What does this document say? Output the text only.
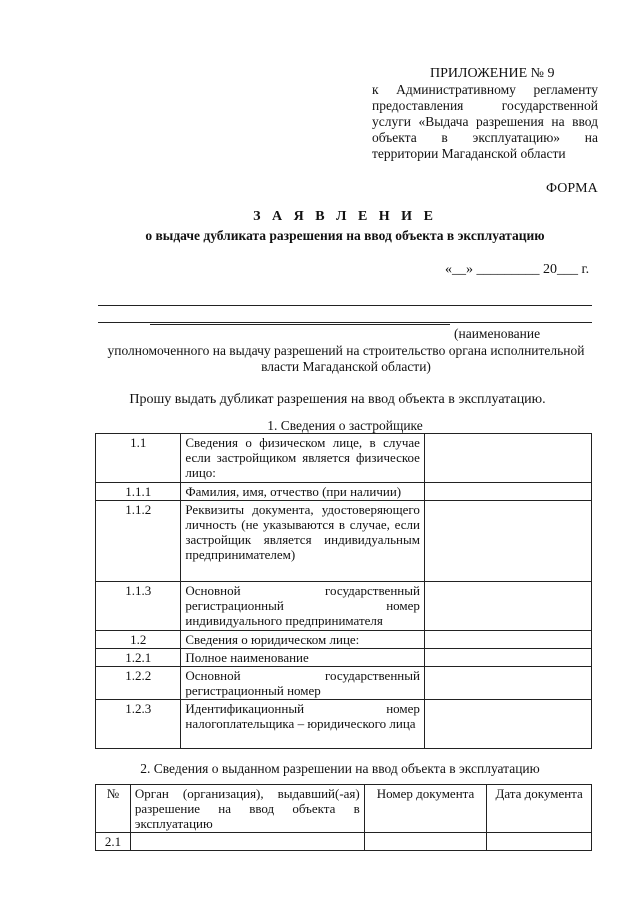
ПРИЛОЖЕНИЕ № 9
к Административному регламенту
предоставления государственной
услуги «Выдача разрешения на ввод
объекта в эксплуатацию» на
территории Магаданской области
ФОРМА
З А Я В Л Е Н И Е
о выдаче дубликата разрешения на ввод объекта в эксплуатацию
«__» _________ 20___ г.
(наименование
уполномоченного на выдачу разрешений на строительство органа исполнительной власти Магаданской области)
Прошу выдать дубликат разрешения на ввод объекта в эксплуатацию.
1. Сведения о застройщике
1.1	Сведения о физическом лице, в случае если застройщиком является физическое лицо:	
1.1.1	Фамилия, имя, отчество (при наличии)	
1.1.2	Реквизиты документа, удостоверяющего личность (не указываются в случае, если застройщик является индивидуальным предпринимателем)	
1.1.3	Основной государственный регистрационный номер индивидуального предпринимателя	
1.2	Сведения о юридическом лице:	
1.2.1	Полное наименование	
1.2.2	Основной государственный регистрационный номер	
1.2.3	Идентификационный номер налогоплательщика – юридического лица	
2. Сведения о выданном разрешении на ввод объекта в эксплуатацию
№	Орган (организация), выдавший(-ая) разрешение на ввод объекта в эксплуатацию	Номер документа	Дата документа
2.1			
